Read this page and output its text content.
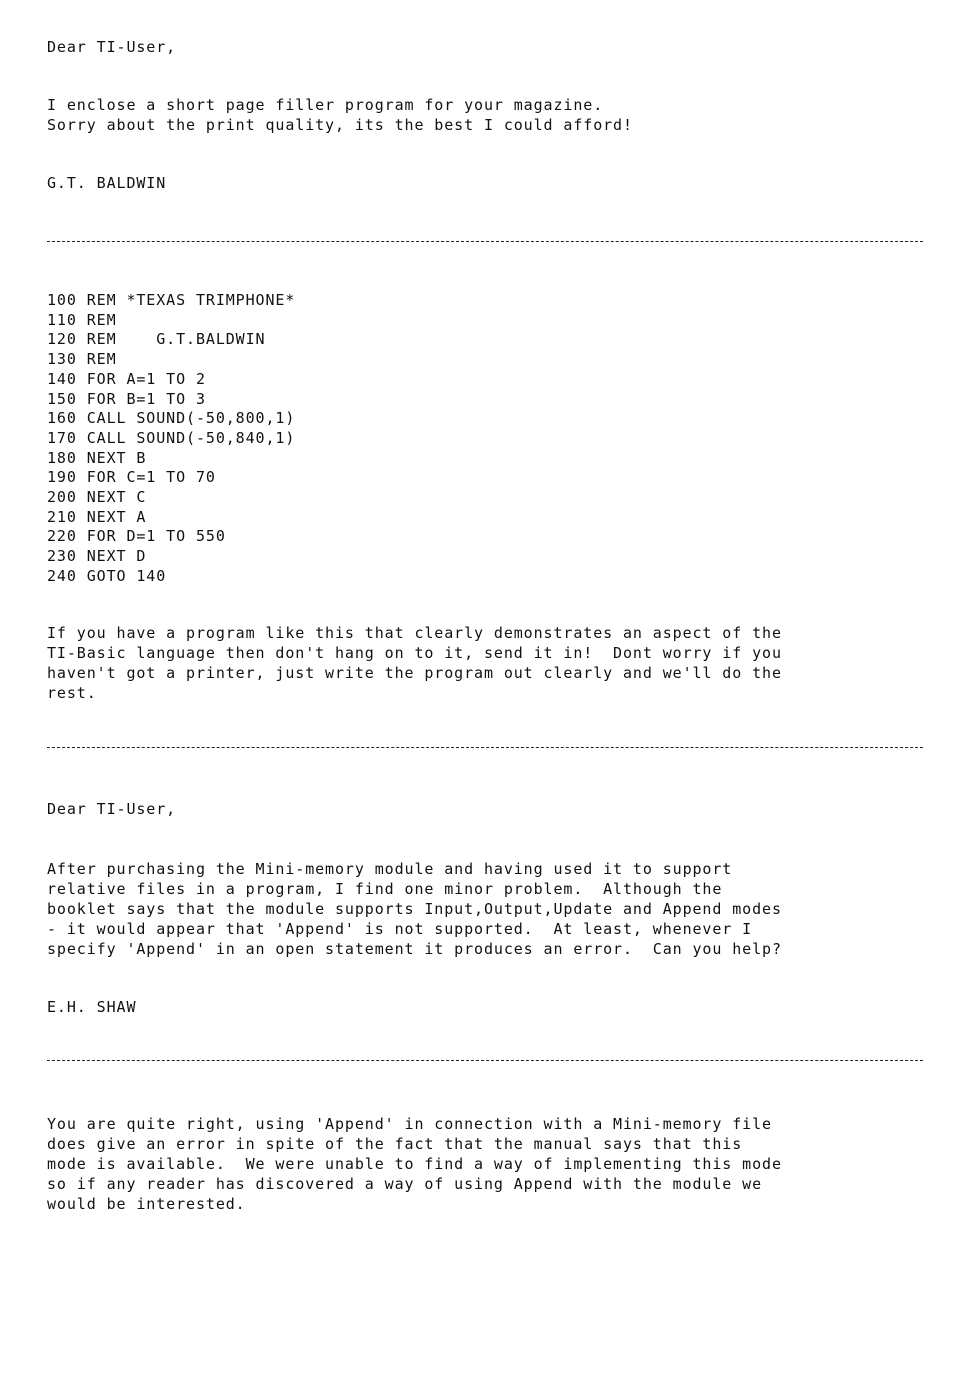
Dear TI-User,
I enclose a short page filler program for your magazine.
Sorry about the print quality, its the best I could afford!
G.T. BALDWIN
100 REM *TEXAS TRIMPHONE*
110 REM
120 REM    G.T.BALDWIN
130 REM
140 FOR A=1 TO 2
150 FOR B=1 TO 3
160 CALL SOUND(-50,800,1)
170 CALL SOUND(-50,840,1)
180 NEXT B
190 FOR C=1 TO 70
200 NEXT C
210 NEXT A
220 FOR D=1 TO 550
230 NEXT D
240 GOTO 140
If you have a program like this that clearly demonstrates an aspect of the
TI-Basic language then don't hang on to it, send it in!  Dont worry if you
haven't got a printer, just write the program out clearly and we'll do the
rest.
Dear TI-User,
After purchasing the Mini-memory module and having used it to support
relative files in a program, I find one minor problem.  Although the
booklet says that the module supports Input,Output,Update and Append modes
- it would appear that 'Append' is not supported.  At least, whenever I
specify 'Append' in an open statement it produces an error.  Can you help?
E.H. SHAW
You are quite right, using 'Append' in connection with a Mini-memory file
does give an error in spite of the fact that the manual says that this
mode is available.  We were unable to find a way of implementing this mode
so if any reader has discovered a way of using Append with the module we
would be interested.
